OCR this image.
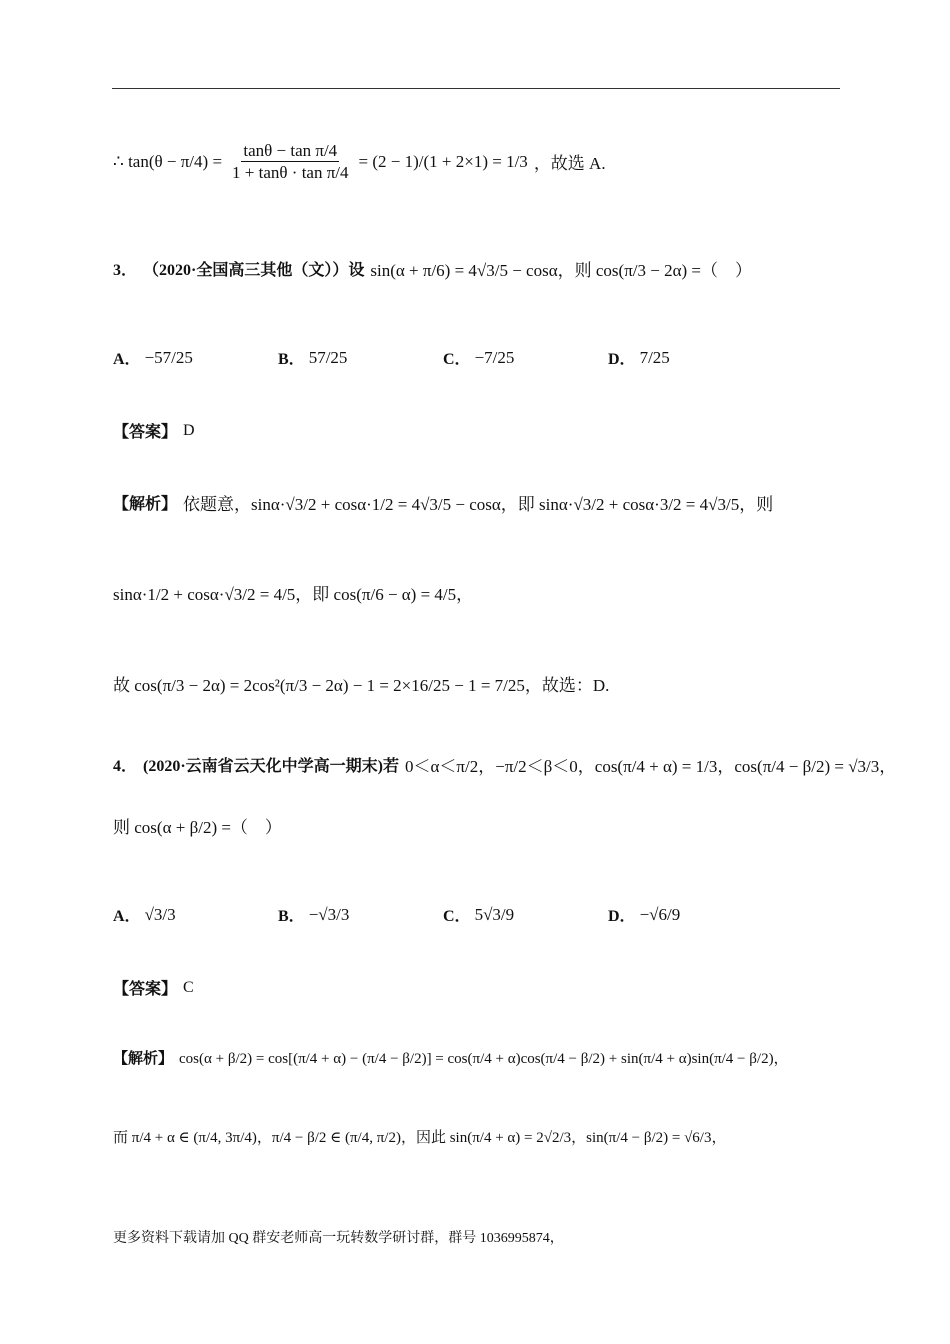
∴ $\tan(\theta - \pi/4) = \frac{\text{tanθ − tan π/4}}{\text{1 + tanθ · tan π/4}} = (2 - 1)/(1 + 2\times 1) = 1/3$ ，故选 A.
3． （2020·全国高三其他（文））设 sin(α + π/6) = 4√3/5 − cosα，则 cos(π/3 − 2α) =（　）
A． −57/25	B． 57/25	C． −7/25	D． 7/25
【答案】 D
【解析】 依题意，sinα·√3/2 + cosα·1/2 = 4√3/5 − cosα，即 sinα·√3/2 + cosα·3/2 = 4√3/5，则
sinα·1/2 + cosα·√3/2 = 4/5，即 cos(π/6 − α) = 4/5，
故 cos(π/3 − 2α) = 2cos²(π/3 − 2α) − 1 = 2×16/25 − 1 = 7/25，故选：D.
4． (2020·云南省云天化中学高一期末)若 0＜α＜π/2，−π/2＜β＜0，cos(π/4 + α) = 1/3，cos(π/4 − β/2) = √3/3，
则 cos(α + β/2) =（　）
A． √3/3	B． −√3/3	C． 5√3/9	D． −√6/9
【答案】 C
【解析】 cos(α + β/2) = cos[(π/4 + α) − (π/4 − β/2)] = cos(π/4 + α)cos(π/4 − β/2) + sin(π/4 + α)sin(π/4 − β/2)，
而 π/4 + α ∈ (π/4, 3π/4)，π/4 − β/2 ∈ (π/4, π/2)，因此 sin(π/4 + α) = 2√2/3，sin(π/4 − β/2) = √6/3，
更多资料下载请加 QQ 群安老师高一玩转数学研讨群，群号 1036995874，
